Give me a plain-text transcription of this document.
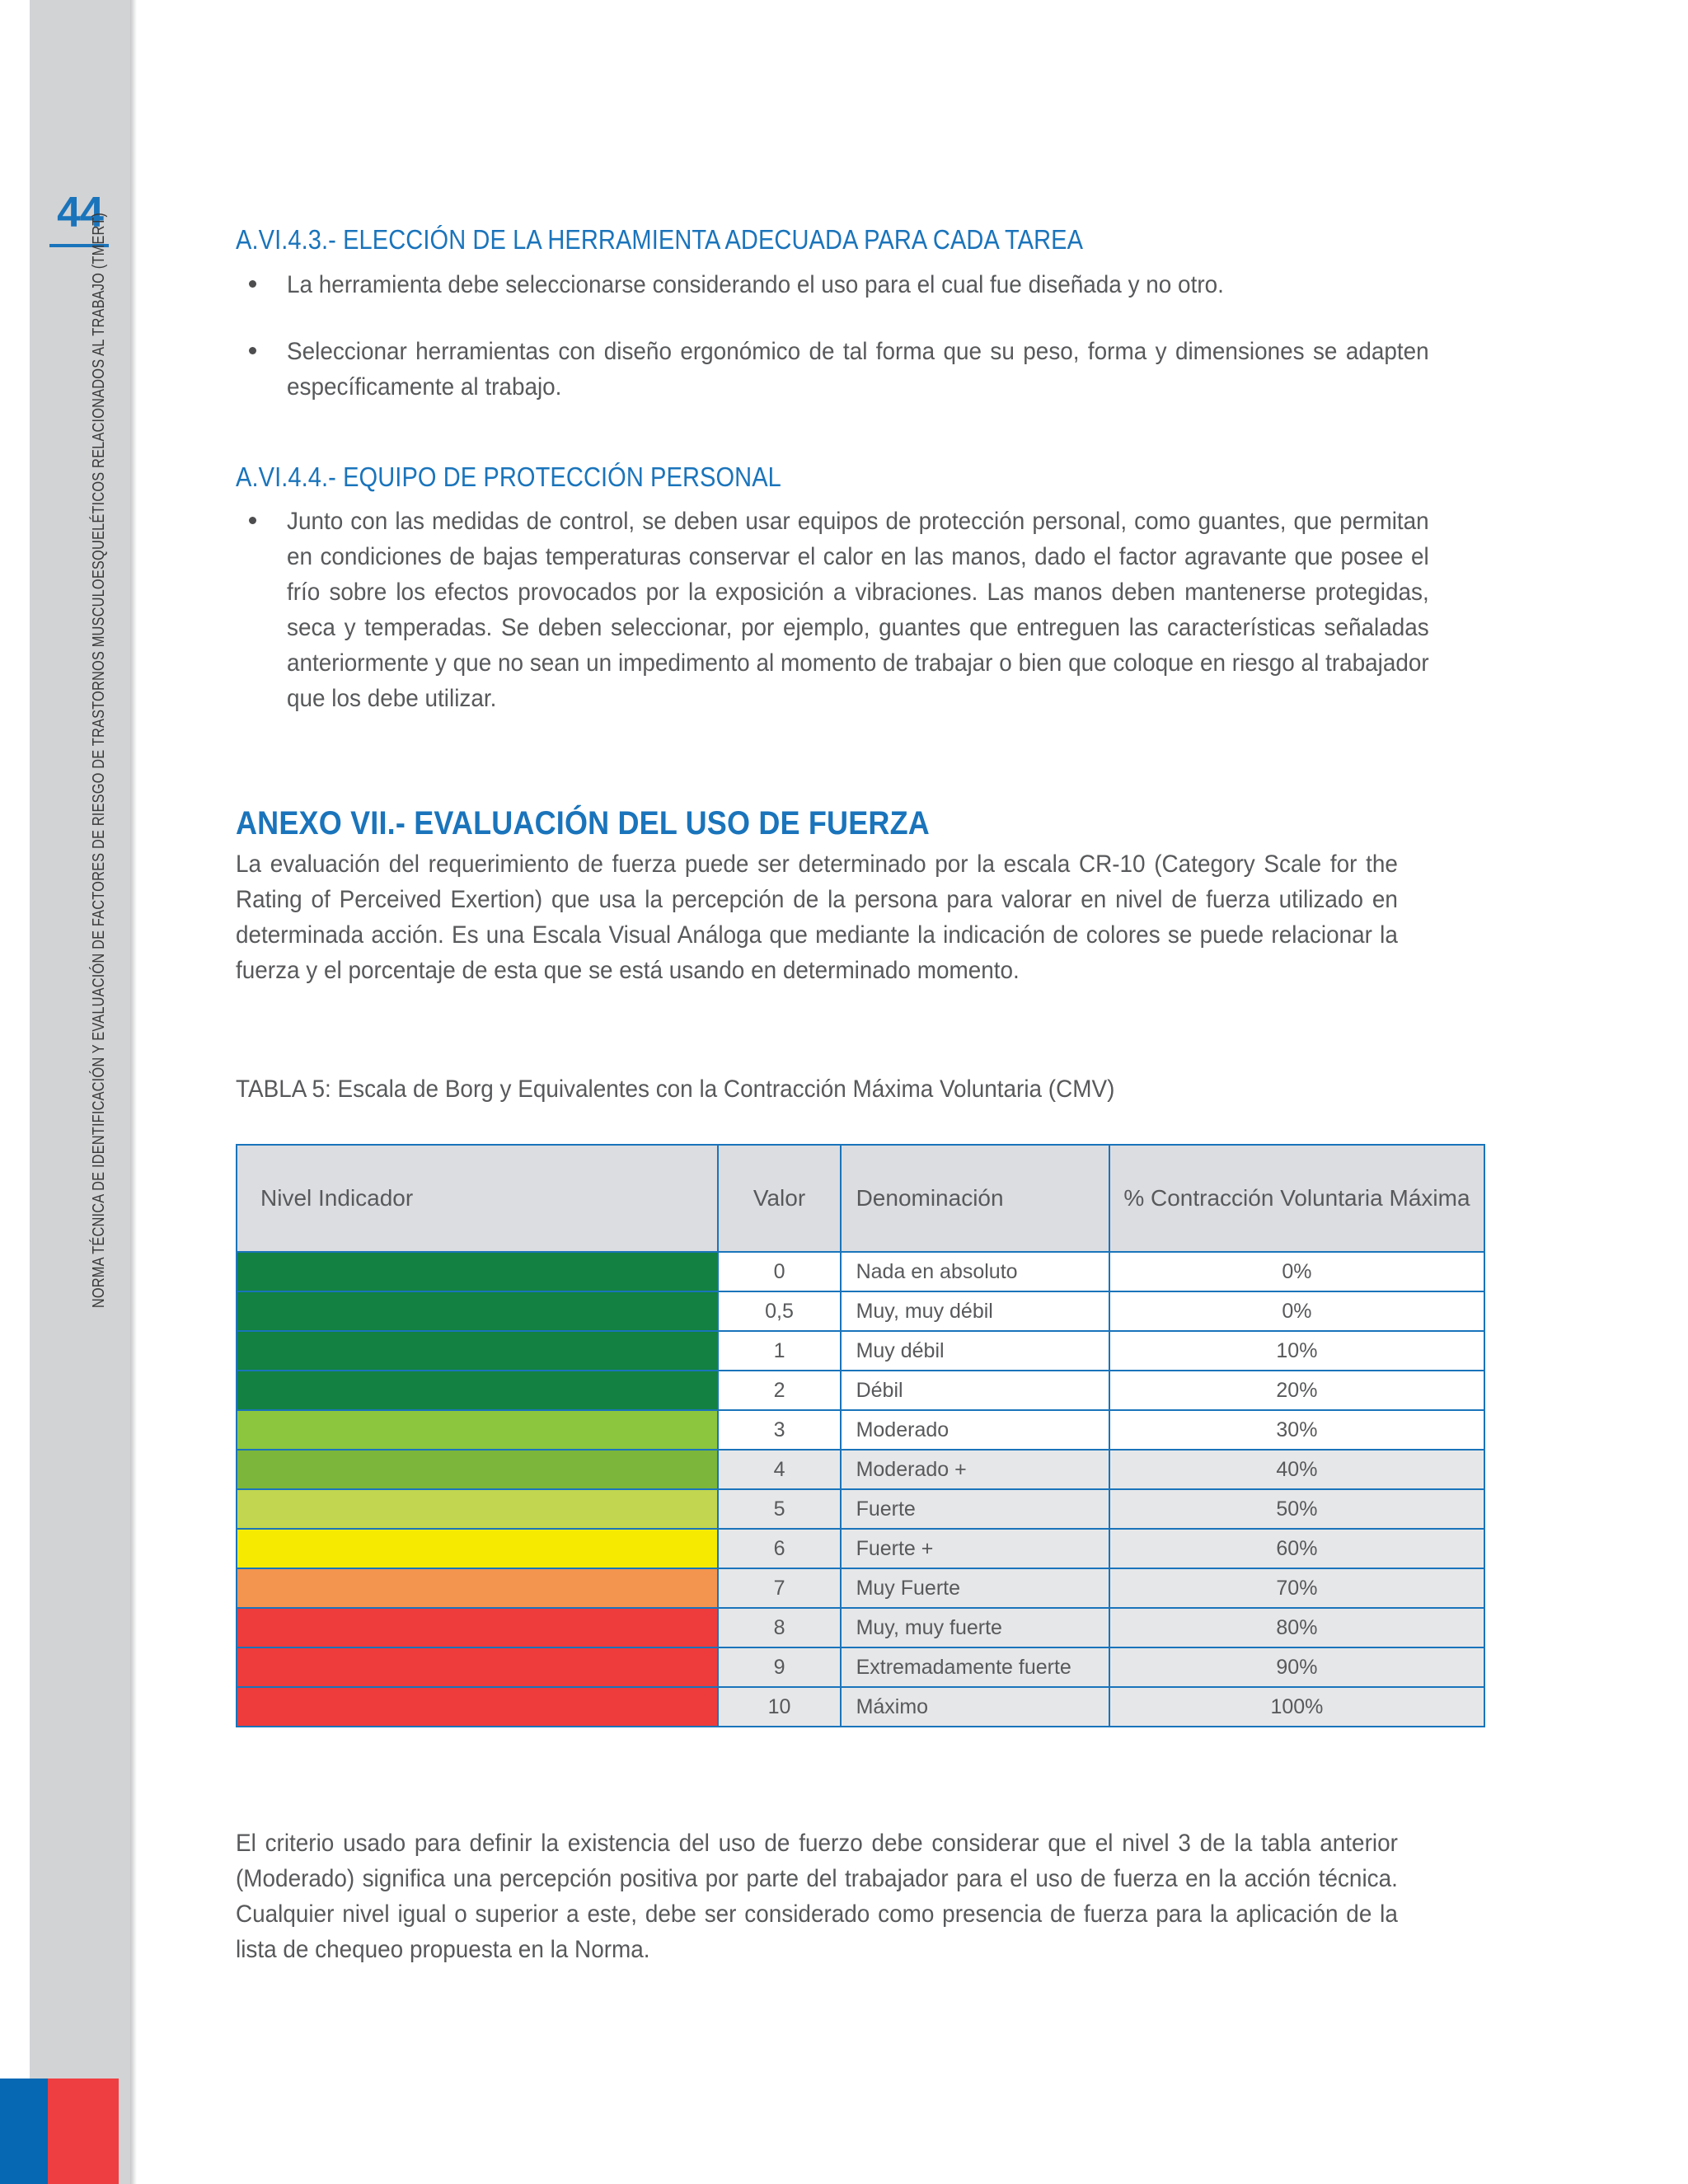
44
NORMA TÉCNICA DE IDENTIFICACIÓN Y EVALUACIÓN DE FACTORES DE RIESGO DE TRASTORNOS MUSCULOESQUELÉTICOS RELACIONADOS AL TRABAJO (TMERT)	A.VI.4.3.- ELECCIÓN DE LA HERRAMIENTA ADECUADA PARA CADA TAREA

La herramienta debe seleccionarse considerando el uso para el cual fue diseñada y no otro.

Seleccionar herramientas con diseño ergonómico de tal forma que su peso, forma y dimensiones se adapten específicamente al trabajo.

A.VI.4.4.- EQUIPO DE PROTECCIÓN PERSONAL

Junto con las medidas de control, se deben usar equipos de protección personal, como guantes, que permitan en condiciones de bajas temperaturas conservar el calor en las manos, dado el factor agravante que posee el frío sobre los efectos provocados por la exposición a vibraciones. Las manos deben mantenerse protegidas, seca y temperadas. Se deben seleccionar, por ejemplo, guantes que entreguen las características señaladas anteriormente y que no sean un impedimento al momento de trabajar o bien que coloque en riesgo al trabajador que los debe utilizar.

ANEXO VII.- EVALUACIÓN DEL USO DE FUERZA

La evaluación del requerimiento de fuerza puede ser determinado por la escala CR-10 (Category Scale for the Rating of Perceived Exertion) que usa la percepción de la persona para valorar en nivel de fuerza utilizado en determinada acción. Es una Escala Visual Análoga que mediante la indicación de colores se puede relacionar la fuerza y el porcentaje de esta que se está usando en determinado momento.

TABLA 5: Escala de Borg y Equivalentes con la Contracción Máxima Voluntaria (CMV)

Nivel Indicador	Valor	Denominación	% Contracción Voluntaria Máxima
	0	Nada en absoluto	0%
	0,5	Muy, muy débil	0%
	1	Muy débil	10%
	2	Débil	20%
	3	Moderado	30%
	4	Moderado +	40%
	5	Fuerte	50%
	6	Fuerte +	60%
	7	Muy Fuerte	70%
	8	Muy, muy fuerte	80%
	9	Extremadamente fuerte	90%
	10	Máximo	100%

El criterio usado para definir la existencia del uso de fuerzo debe considerar que el nivel 3 de la tabla anterior (Moderado) significa una percepción positiva por parte del trabajador para el uso de fuerza en la acción técnica. Cualquier nivel igual o superior a este, debe ser considerado como presencia de fuerza para la aplicación de la lista de chequeo propuesta en la Norma.
